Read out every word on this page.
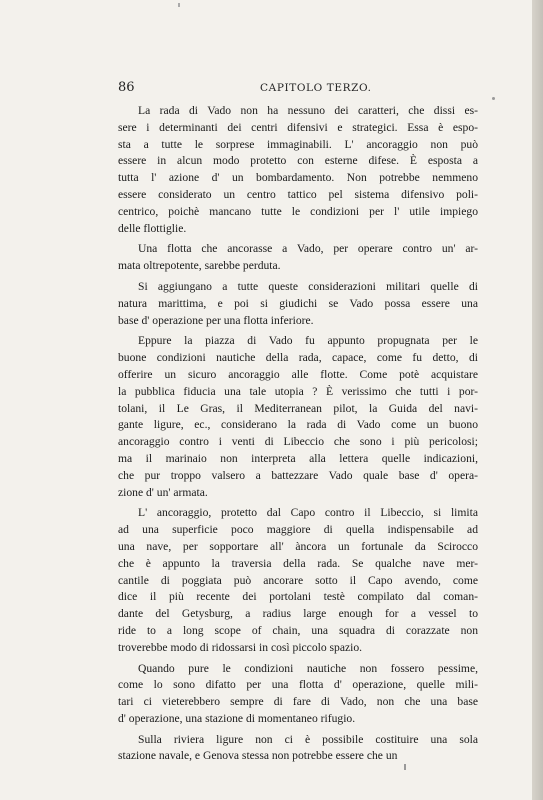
86	CAPITOLO TERZO.
La rada di Vado non ha nessuno dei caratteri, che dissi es-
sere i determinanti dei centri difensivi e strategici. Essa è espo-
sta a tutte le sorprese immaginabili. L' ancoraggio non può
essere in alcun modo protetto con esterne difese. È esposta a
tutta l' azione d' un bombardamento. Non potrebbe nemmeno
essere considerato un centro tattico pel sistema difensivo poli-
centrico, poichè mancano tutte le condizioni per l' utile impiego
delle flottiglie.
Una flotta che ancorasse a Vado, per operare contro un' ar-
mata oltrepotente, sarebbe perduta.
Si aggiungano a tutte queste considerazioni militari quelle di
natura marittima, e poi si giudichi se Vado possa essere una
base d' operazione per una flotta inferiore.
Eppure la piazza di Vado fu appunto propugnata per le
buone condizioni nautiche della rada, capace, come fu detto, di
offerire un sicuro ancoraggio alle flotte. Come potè acquistare
la pubblica fiducia una tale utopia ? È verissimo che tutti i por-
tolani, il Le Gras, il Mediterranean pilot, la Guida del navi-
gante ligure, ec., considerano la rada di Vado come un buono
ancoraggio contro i venti di Libeccio che sono i più pericolosi;
ma il marinaio non interpreta alla lettera quelle indicazioni,
che pur troppo valsero a battezzare Vado quale base d' opera-
zione d' un' armata.
L' ancoraggio, protetto dal Capo contro il Libeccio, si limita
ad una superficie poco maggiore di quella indispensabile ad
una nave, per sopportare all' àncora un fortunale da Scirocco
che è appunto la traversia della rada. Se qualche nave mer-
cantile di poggiata può ancorare sotto il Capo avendo, come
dice il più recente dei portolani testè compilato dal coman-
dante del Getysburg, a radius large enough for a vessel to
ride to a long scope of chain, una squadra di corazzate non
troverebbe modo di ridossarsi in così piccolo spazio.
Quando pure le condizioni nautiche non fossero pessime,
come lo sono difatto per una flotta d' operazione, quelle mili-
tari ci vieterebbero sempre di fare di Vado, non che una base
d' operazione, una stazione di momentaneo rifugio.
Sulla riviera ligure non ci è possibile costituire una sola
stazione navale, e Genova stessa non potrebbe essere che un
